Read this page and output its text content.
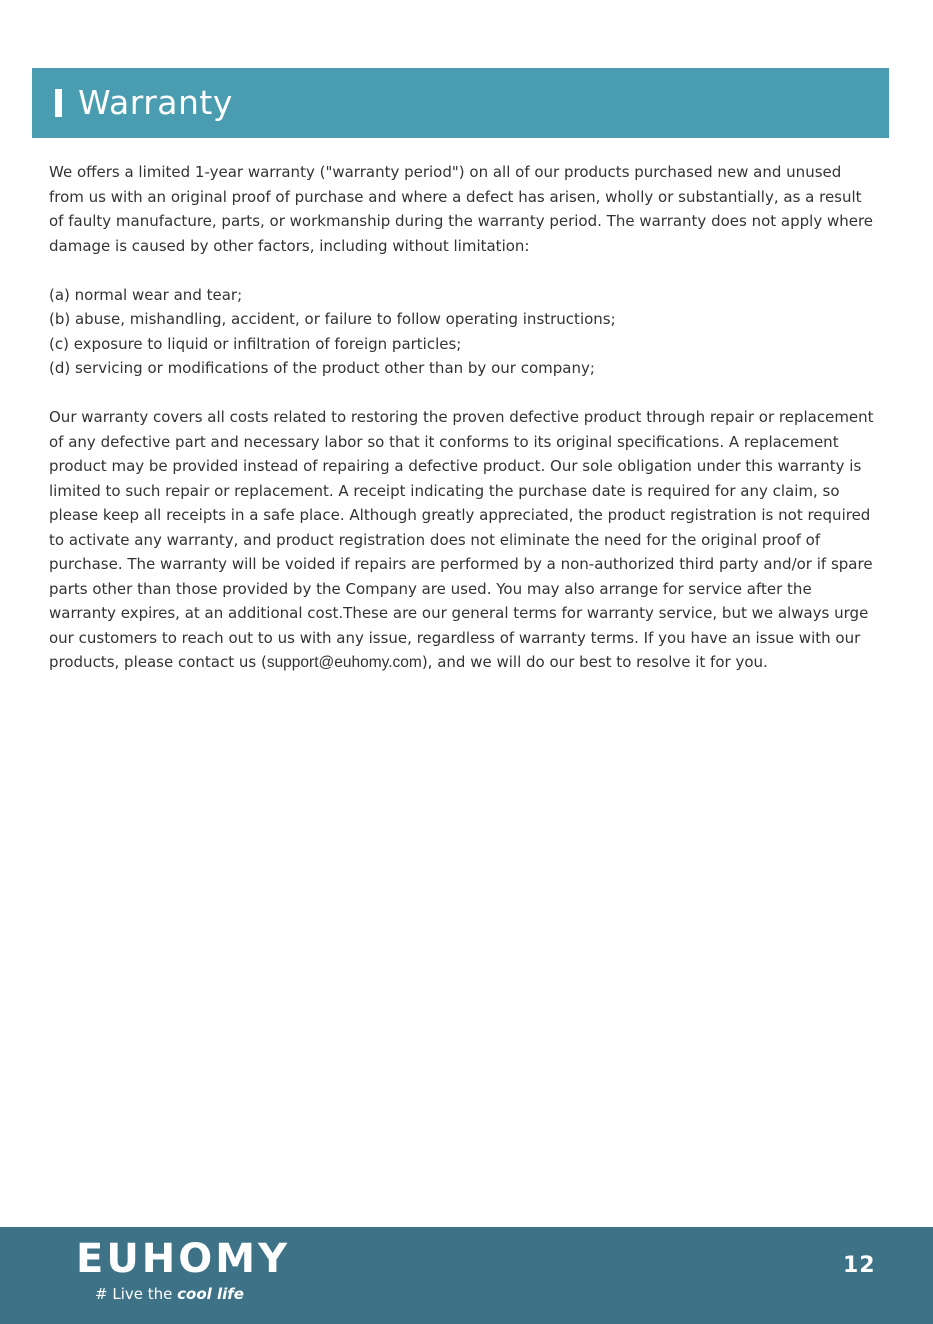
Warranty

We offers a limited 1-year warranty ("warranty period") on all of our products purchased new and unused from us with an original proof of purchase and where a defect has arisen, wholly or substantially, as a result of faulty manufacture, parts, or workmanship during the warranty period. The warranty does not apply where damage is caused by other factors, including without limitation:

(a) normal wear and tear;

(b) abuse, mishandling, accident, or failure to follow operating instructions;

(c) exposure to liquid or infiltration of foreign particles;

(d) servicing or modifications of the product other than by our company;

Our warranty covers all costs related to restoring the proven defective product through repair or replacement of any defective part and necessary labor so that it conforms to its original specifications. A replacement product may be provided instead of repairing a defective product. Our sole obligation under this warranty is limited to such repair or replacement. A receipt indicating the purchase date is required for any claim, so please keep all receipts in a safe place. Although greatly appreciated, the product registration is not required to activate any warranty, and product registration does not eliminate the need for the original proof of purchase. The warranty will be voided if repairs are performed by a non-authorized third party and/or if spare parts other than those provided by the Company are used. You may also arrange for service after the warranty expires, at an additional cost.These are our general terms for warranty service, but we always urge our customers to reach out to us with any issue, regardless of warranty terms. If you have an issue with our products, please contact us (support@euhomy.com), and we will do our best to resolve it for you.

EUHOMY
# Live the cool life
12
